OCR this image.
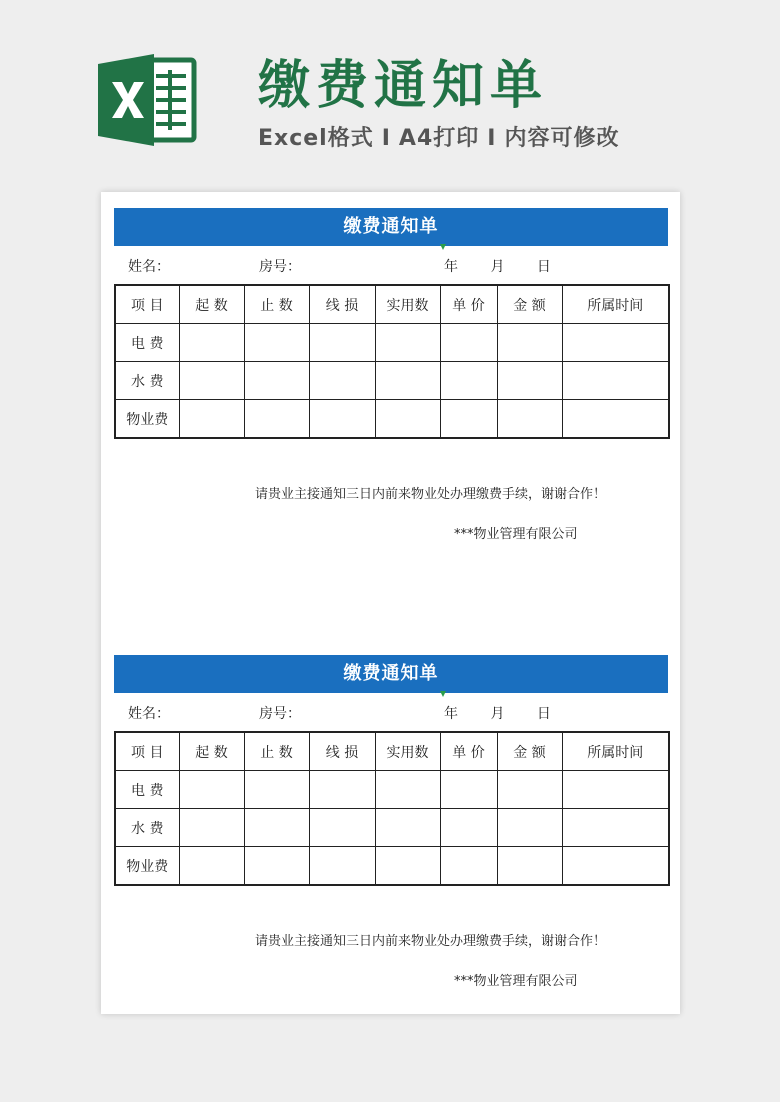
缴费通知单
Excel格式 I A4打印 I 内容可修改
缴费通知单
姓名：	房号：	年 月 日
项 目	起 数	止 数	线 损	实用数	单 价	金 额	所属时间
电 费							
水 费							
物业费							
请贵业主接通知三日内前来物业处办理缴费手续，谢谢合作！
***物业管理有限公司
缴费通知单
姓名：	房号：	年 月 日
项 目	起 数	止 数	线 损	实用数	单 价	金 额	所属时间
电 费							
水 费							
物业费							
请贵业主接通知三日内前来物业处办理缴费手续，谢谢合作！
***物业管理有限公司
